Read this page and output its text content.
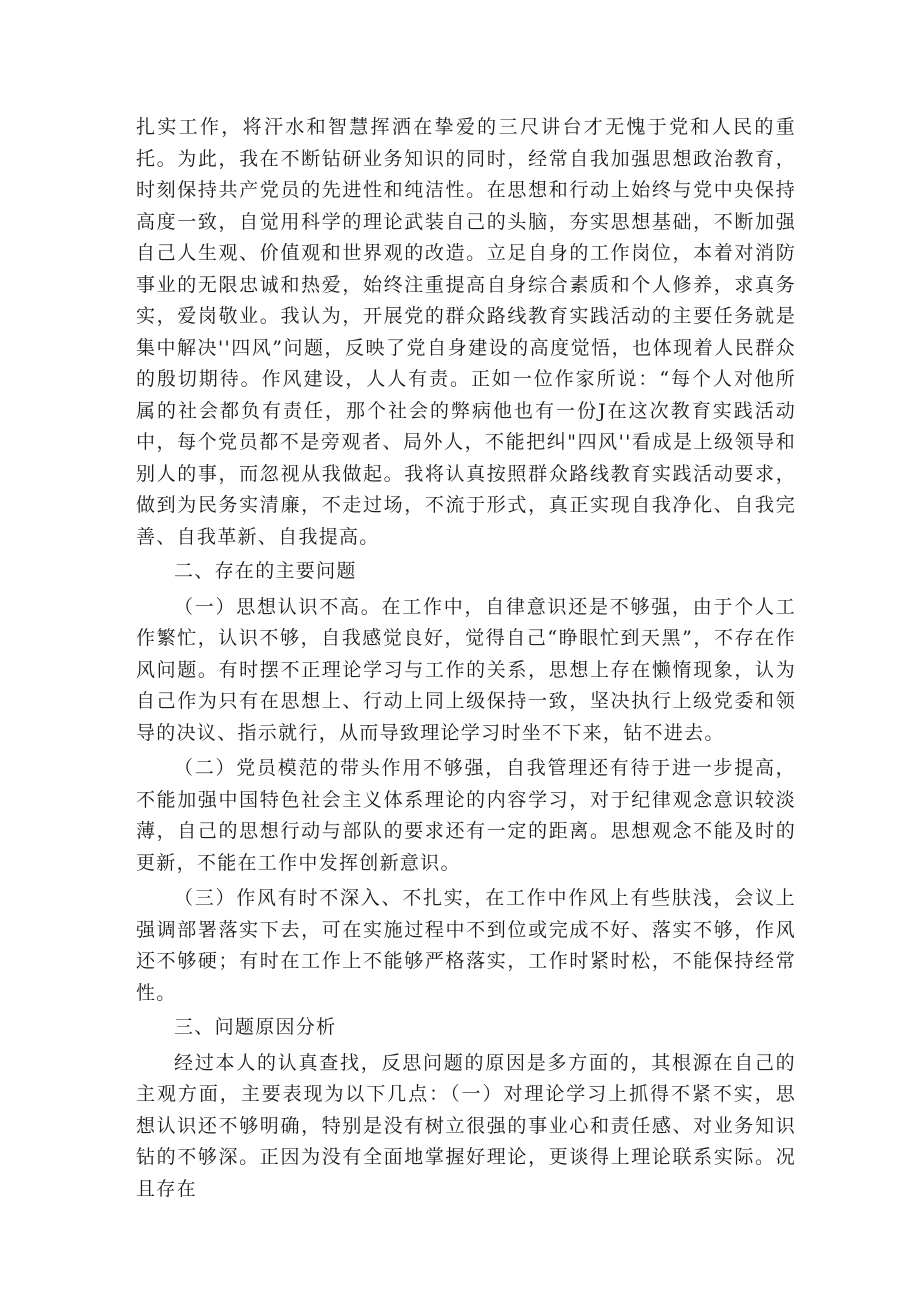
扎实工作，将汗水和智慧挥洒在挚爱的三尺讲台才无愧于党和人民的重托。为此，我在不断钻研业务知识的同时，经常自我加强思想政治教育，时刻保持共产党员的先进性和纯洁性。在思想和行动上始终与党中央保持高度一致，自觉用科学的理论武装自己的头脑，夯实思想基础，不断加强自己人生观、价值观和世界观的改造。立足自身的工作岗位，本着对消防事业的无限忠诚和热爱，始终注重提高自身综合素质和个人修养，求真务实，爱岗敬业。我认为，开展党的群众路线教育实践活动的主要任务就是集中解决''四风”问题，反映了党自身建设的高度觉悟，也体现着人民群众的殷切期待。作风建设，人人有责。正如一位作家所说：“每个人对他所属的社会都负有责任，那个社会的弊病他也有一份J在这次教育实践活动中，每个党员都不是旁观者、局外人，不能把纠"四风''看成是上级领导和别人的事，而忽视从我做起。我将认真按照群众路线教育实践活动要求，做到为民务实清廉，不走过场，不流于形式，真正实现自我净化、自我完善、自我革新、自我提高。

二、存在的主要问题

（一）思想认识不高。在工作中，自律意识还是不够强，由于个人工作繁忙，认识不够，自我感觉良好，觉得自己“睁眼忙到天黑”，不存在作风问题。有时摆不正理论学习与工作的关系，思想上存在懒惰现象，认为自己作为只有在思想上、行动上同上级保持一致，坚决执行上级党委和领导的决议、指示就行，从而导致理论学习时坐不下来，钻不进去。

（二）党员模范的带头作用不够强，自我管理还有待于进一步提高，不能加强中国特色社会主义体系理论的内容学习，对于纪律观念意识较淡薄，自己的思想行动与部队的要求还有一定的距离。思想观念不能及时的更新，不能在工作中发挥创新意识。

（三）作风有时不深入、不扎实，在工作中作风上有些肤浅，会议上强调部署落实下去，可在实施过程中不到位或完成不好、落实不够，作风还不够硬；有时在工作上不能够严格落实，工作时紧时松，不能保持经常性。

三、问题原因分析

经过本人的认真查找，反思问题的原因是多方面的，其根源在自己的主观方面，主要表现为以下几点：（一）对理论学习上抓得不紧不实，思想认识还不够明确，特别是没有树立很强的事业心和责任感、对业务知识钻的不够深。正因为没有全面地掌握好理论，更谈得上理论联系实际。况且存在
